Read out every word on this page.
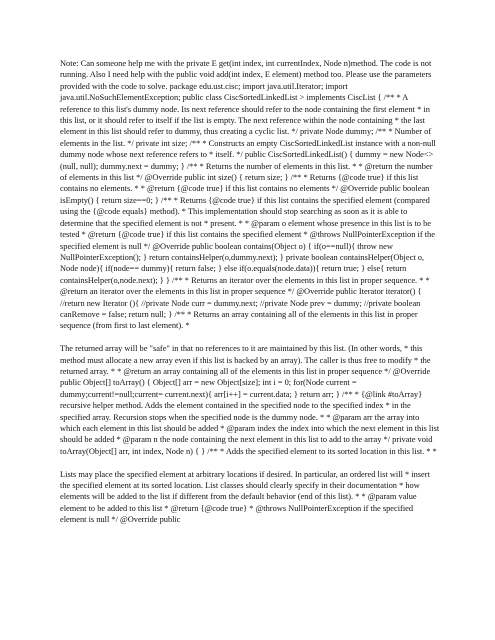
Note: Can someone help me with the private E get(int index, int currentIndex, Node n)method. The code is not running. Also I need help with the public void add(int index, E element) method too. Please use the parameters provided with the code to solve. package edu.ust.cisc; import java.util.Iterator; import java.util.NoSuchElementException; public class CiscSortedLinkedList > implements CiscList { /** * A reference to this list's dummy node. Its next reference should refer to the node containing the first element * in this list, or it should refer to itself if the list is empty. The next reference within the node containing * the last element in this list should refer to dummy, thus creating a cyclic list. */ private Node dummy; /** * Number of elements in the list. */ private int size; /** * Constructs an empty CiscSortedLinkedList instance with a non-null dummy node whose next reference refers to * itself. */ public CiscSortedLinkedList() { dummy = new Node<>(null, null); dummy.next = dummy; } /** * Returns the number of elements in this list. * * @return the number of elements in this list */ @Override public int size() { return size; } /** * Returns {@code true} if this list contains no elements. * * @return {@code true} if this list contains no elements */ @Override public boolean isEmpty() { return size==0; } /** * Returns {@code true} if this list contains the specified element (compared using the {@code equals} method). * This implementation should stop searching as soon as it is able to determine that the specified element is not * present. * * @param o element whose presence in this list is to be tested * @return {@code true} if this list contains the specified element * @throws NullPointerException if the specified element is null */ @Override public boolean contains(Object o) { if(o==null){ throw new NullPointerException(); } return containsHelper(o,dummy.next); } private boolean containsHelper(Object o, Node node){ if(node== dummy){ return false; } else if(o.equals(node.data)){ return true; } else{ return containsHelper(o,node.next); } } /** * Returns an iterator over the elements in this list in proper sequence. * * @return an iterator over the elements in this list in proper sequence */ @Override public Iterator iterator() { //return new Iterator (){ //private Node curr = dummy.next; //private Node prev = dummy; //private boolean canRemove = false; return null; } /** * Returns an array containing all of the elements in this list in proper sequence (from first to last element). *

The returned array will be "safe" in that no references to it are maintained by this list. (In other words, * this method must allocate a new array even if this list is backed by an array). The caller is thus free to modify * the returned array. * * @return an array containing all of the elements in this list in proper sequence */ @Override public Object[] toArray() { Object[] arr = new Object[size]; int i = 0; for(Node current = dummy;current!=null;current= current.next){ arr[i++] = current.data; } return arr; } /** * {@link #toArray} recursive helper method. Adds the element contained in the specified node to the specified index * in the specified array. Recursion stops when the specified node is the dummy node. * * @param arr the array into which each element in this list should be added * @param index the index into which the next element in this list should be added * @param n the node containing the next element in this list to add to the array */ private void toArray(Object[] arr, int index, Node n) { } /** * Adds the specified element to its sorted location in this list. * *

Lists may place the specified element at arbitrary locations if desired. In particular, an ordered list will * insert the specified element at its sorted location. List classes should clearly specify in their documentation * how elements will be added to the list if different from the default behavior (end of this list). * * @param value element to be added to this list * @return {@code true} * @throws NullPointerException if the specified element is null */ @Override public
